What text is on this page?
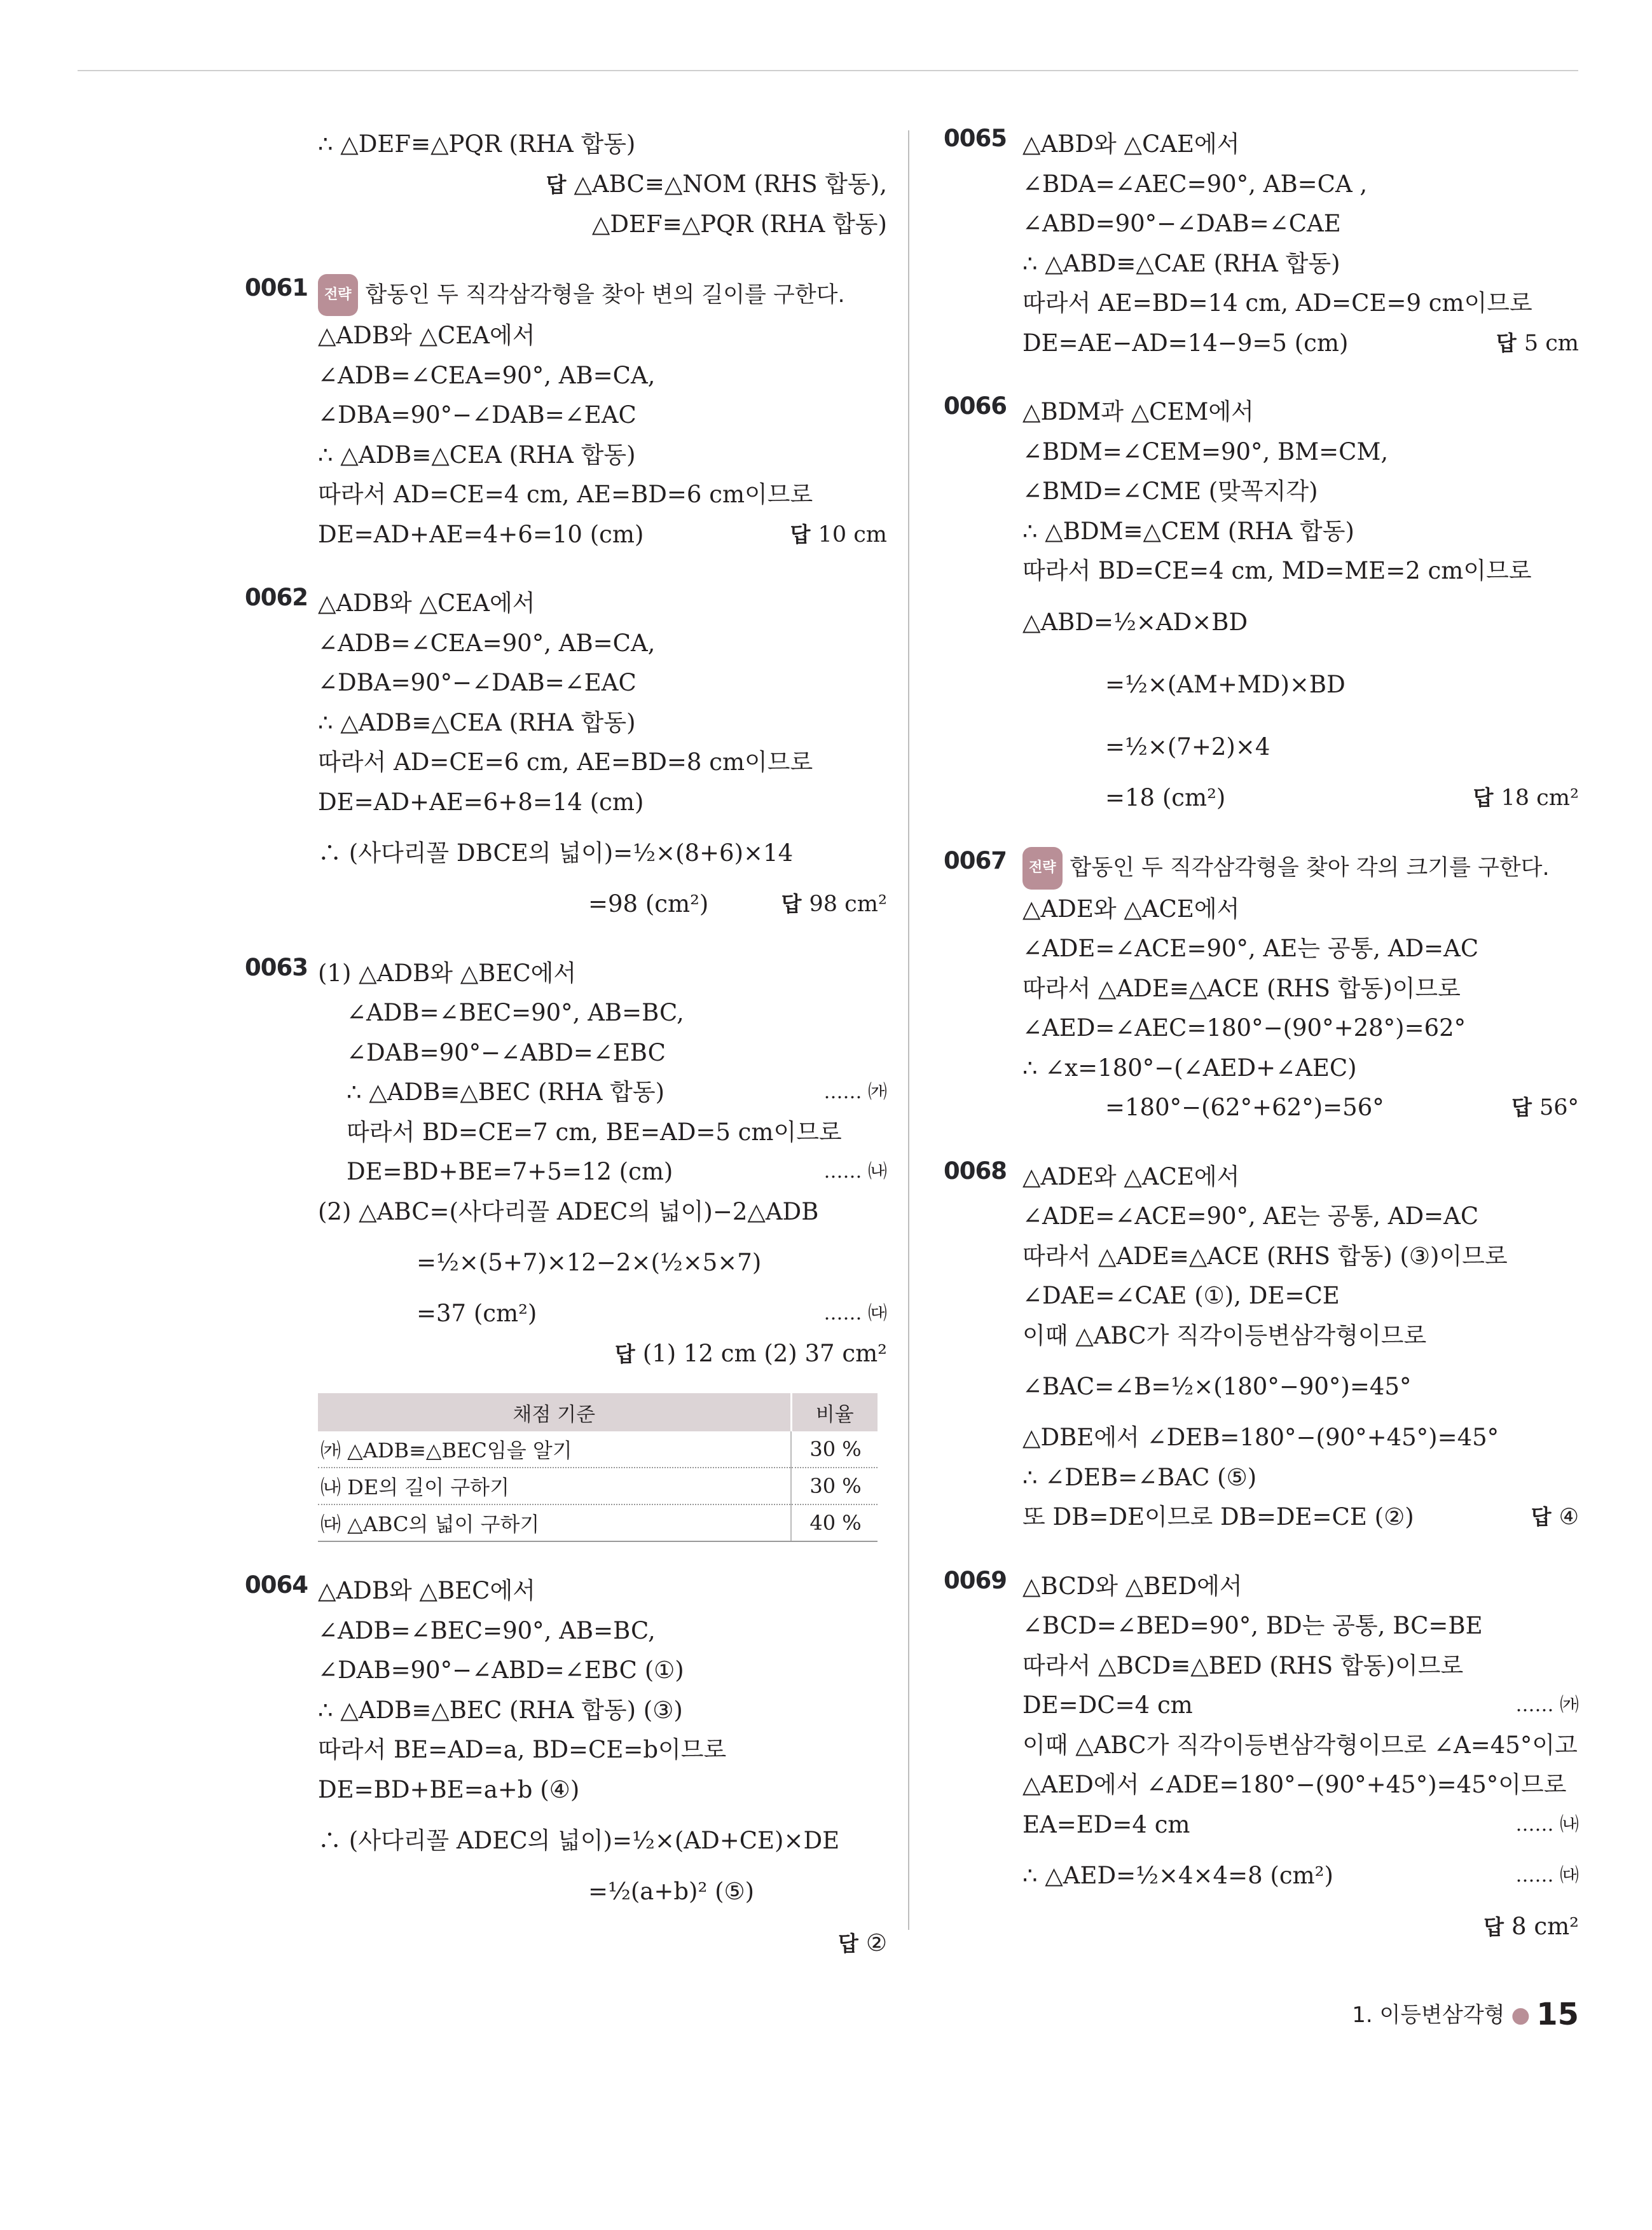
∴ △DEF≡△PQR (RHA 합동)
답 △ABC≡△NOM (RHS 합동),
△DEF≡△PQR (RHA 합동)
0061	전략 합동인 두 직각삼각형을 찾아 변의 길이를 구한다.
△ADB와 △CEA에서
∠ADB=∠CEA=90°, AB=CA,
∠DBA=90°−∠DAB=∠EAC
∴ △ADB≡△CEA (RHA 합동)
따라서 AD=CE=4 cm, AE=BD=6 cm이므로
DE=AD+AE=4+6=10 (cm)	답 10 cm
0062 △ADB와 △CEA에서
∠ADB=∠CEA=90°, AB=CA,
∠DBA=90°−∠DAB=∠EAC
∴ △ADB≡△CEA (RHA 합동)
따라서 AD=CE=6 cm, AE=BD=8 cm이므로
DE=AD+AE=6+8=14 (cm)
∴ (사다리꼴 DBCE의 넓이)=½×(8+6)×14
=98 (cm²)	답 98 cm²
0063 (1) △ADB와 △BEC에서
∠ADB=∠BEC=90°, AB=BC,
∠DAB=90°−∠ABD=∠EBC
∴ △ADB≡△BEC (RHA 합동)	…… ㈎
따라서 BD=CE=7 cm, BE=AD=5 cm이므로
DE=BD+BE=7+5=12 (cm)	…… ㈏
(2) △ABC=(사다리꼴 ADEC의 넓이)−2△ADB
=½×(5+7)×12−2×(½×5×7)
=37 (cm²)	…… ㈐
답 (1) 12 cm (2) 37 cm²
채점 기준	비율
㈎ △ADB≡△BEC임을 알기	30 %
㈏ DE의 길이 구하기	30 %
㈐ △ABC의 넓이 구하기	40 %
0064 △ADB와 △BEC에서
∠ADB=∠BEC=90°, AB=BC,
∠DAB=90°−∠ABD=∠EBC (①)
∴ △ADB≡△BEC (RHA 합동) (③)
따라서 BE=AD=a, BD=CE=b이므로
DE=BD+BE=a+b (④)
∴ (사다리꼴 ADEC의 넓이)=½×(AD+CE)×DE
=½(a+b)² (⑤)
답 ②
0065 △ABD와 △CAE에서
∠BDA=∠AEC=90°, AB=CA ,
∠ABD=90°−∠DAB=∠CAE
∴ △ABD≡△CAE (RHA 합동)
따라서 AE=BD=14 cm, AD=CE=9 cm이므로
DE=AE−AD=14−9=5 (cm)	답 5 cm
0066 △BDM과 △CEM에서
∠BDM=∠CEM=90°, BM=CM,
∠BMD=∠CME (맞꼭지각)
∴ △BDM≡△CEM (RHA 합동)
따라서 BD=CE=4 cm, MD=ME=2 cm이므로
△ABD=½×AD×BD
=½×(AM+MD)×BD
=½×(7+2)×4
=18 (cm²)	답 18 cm²
0067	전략 합동인 두 직각삼각형을 찾아 각의 크기를 구한다.
△ADE와 △ACE에서
∠ADE=∠ACE=90°, AE는 공통, AD=AC
따라서 △ADE≡△ACE (RHS 합동)이므로
∠AED=∠AEC=180°−(90°+28°)=62°
∴ ∠x=180°−(∠AED+∠AEC)
=180°−(62°+62°)=56°	답 56°
0068 △ADE와 △ACE에서
∠ADE=∠ACE=90°, AE는 공통, AD=AC
따라서 △ADE≡△ACE (RHS 합동) (③)이므로
∠DAE=∠CAE (①), DE=CE
이때 △ABC가 직각이등변삼각형이므로
∠BAC=∠B=½×(180°−90°)=45°
△DBE에서 ∠DEB=180°−(90°+45°)=45°
∴ ∠DEB=∠BAC (⑤)
또 DB=DE이므로 DB=DE=CE (②)	답 ④
0069 △BCD와 △BED에서
∠BCD=∠BED=90°, BD는 공통, BC=BE
따라서 △BCD≡△BED (RHS 합동)이므로
DE=DC=4 cm	…… ㈎
이때 △ABC가 직각이등변삼각형이므로 ∠A=45°이고
△AED에서 ∠ADE=180°−(90°+45°)=45°이므로
EA=ED=4 cm	…… ㈏
∴ △AED=½×4×4=8 (cm²)	…… ㈐
답 8 cm²
1. 이등변삼각형 ● 15
